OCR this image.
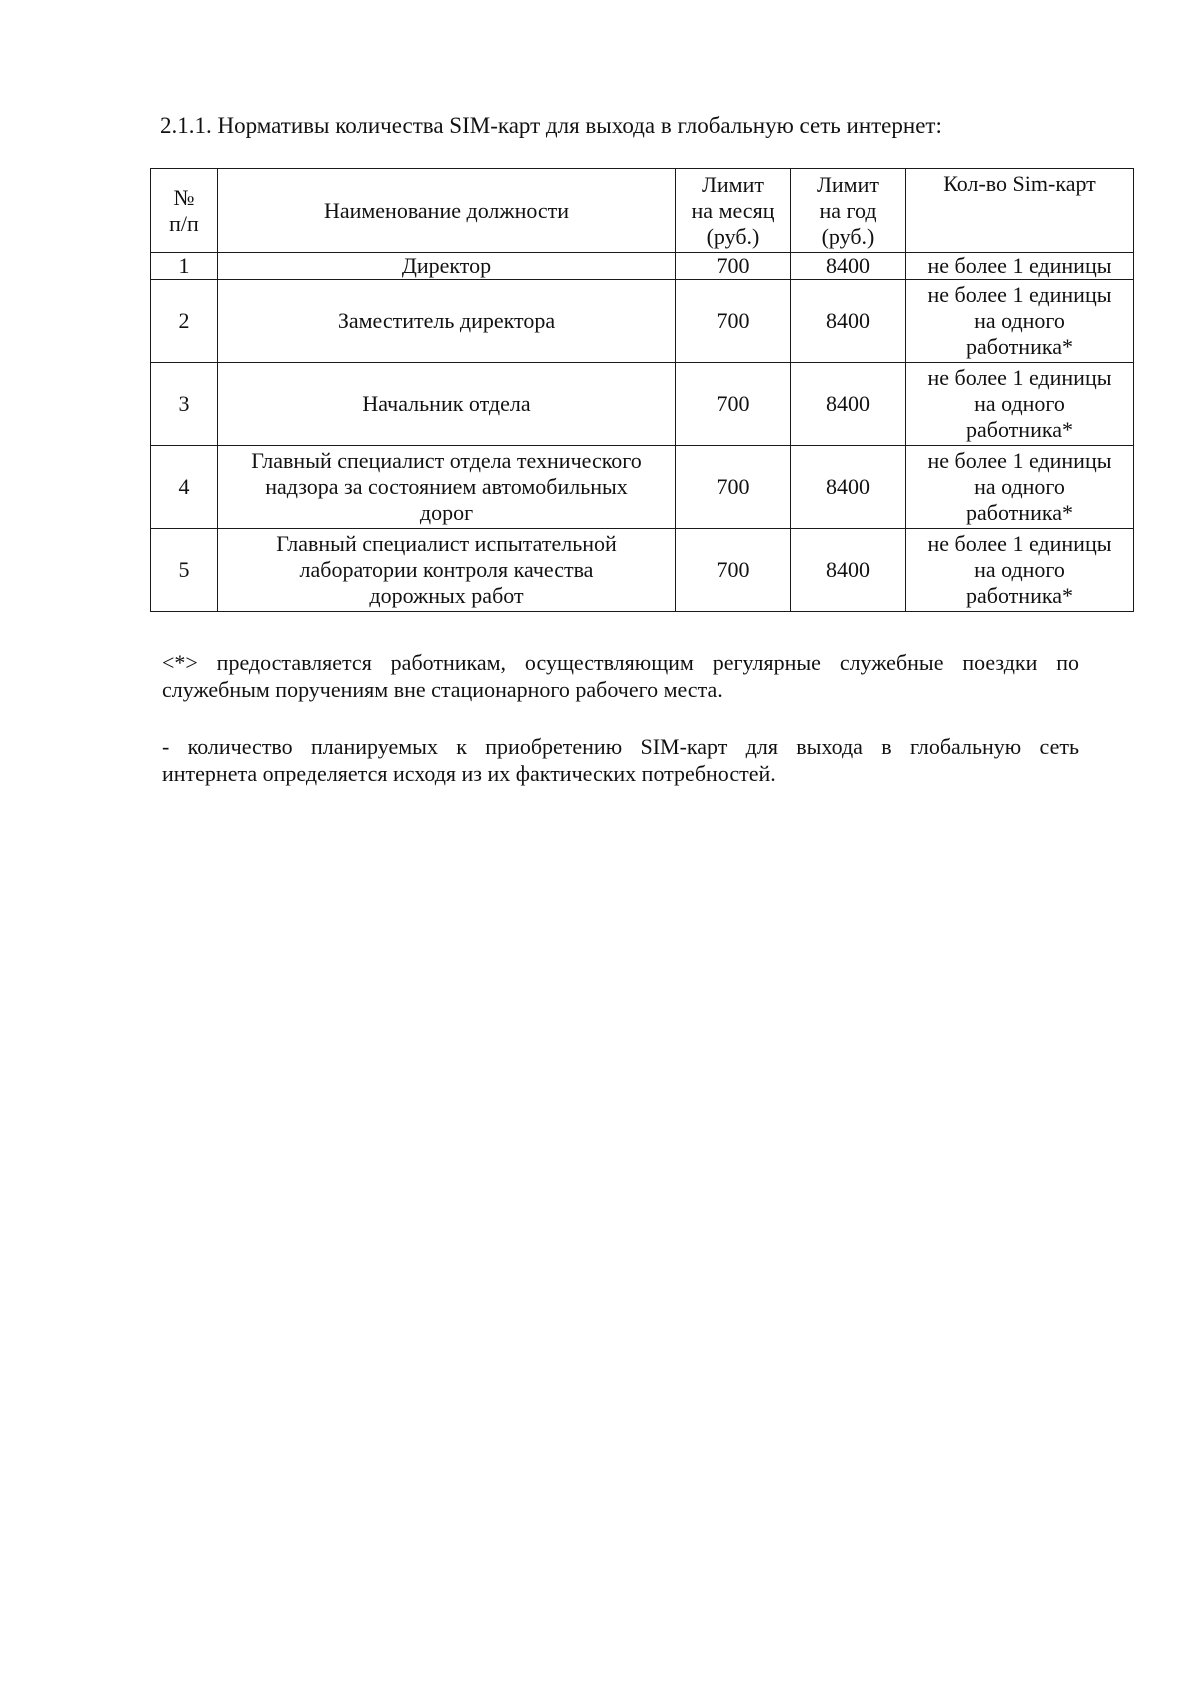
2.1.1. Нормативы количества SIM-карт для выхода в глобальную сеть интернет:
№
п/п	Наименование должности	Лимит
на месяц
(руб.)	Лимит
на год
(руб.)	Кол-во Sim-карт
1	Директор	700	8400	не более 1 единицы

2	Заместитель директора	700	8400	не более 1 единицы
на одного
работника*

3	Начальник отдела	700	8400	не более 1 единицы
на одного
работника*

4	Главный специалист отдела технического
надзора за состоянием автомобильных
дорог	700	8400	не более 1 единицы
на одного
работника*

5	Главный специалист испытательной
лаборатории контроля качества
дорожных работ	700	8400	не более 1 единицы
на одного
работника*
<*> предоставляется работникам, осуществляющим регулярные служебные поездки по
служебным поручениям вне стационарного рабочего места.
- количество планируемых к приобретению SIM-карт для выхода в глобальную сеть
интернета определяется исходя из их фактических потребностей.
